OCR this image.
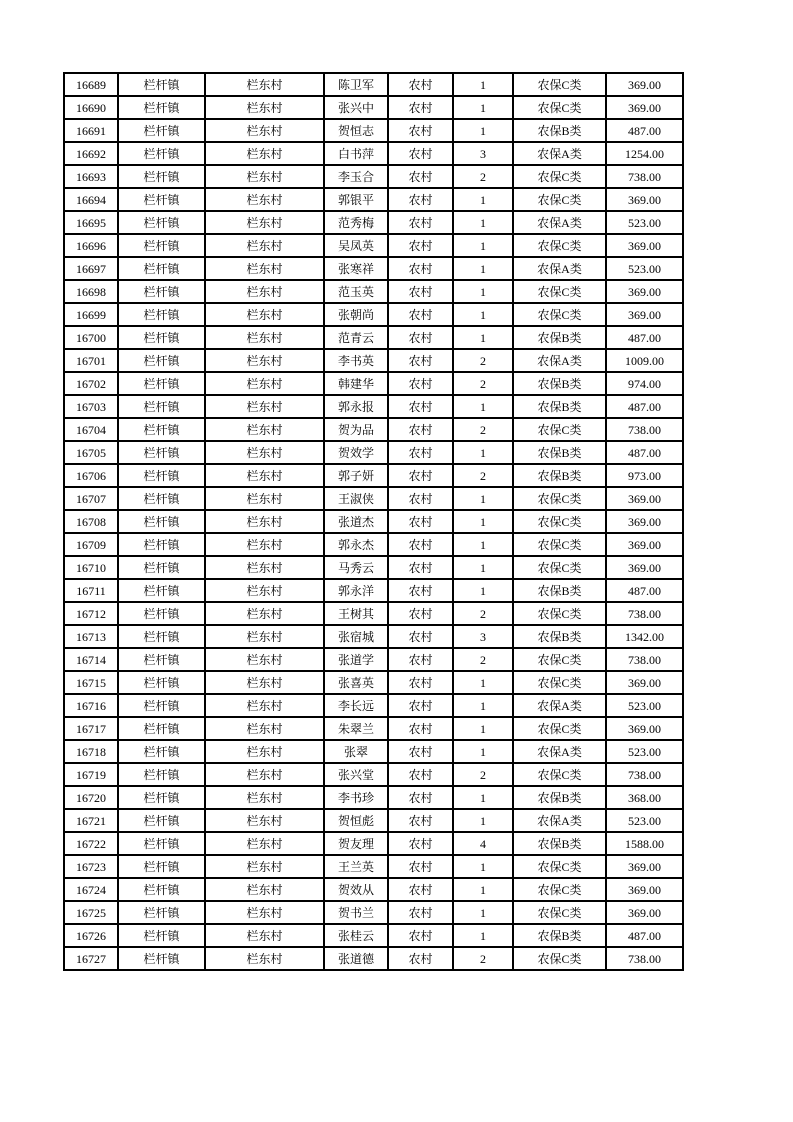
16689	栏杆镇	栏东村	陈卫军	农村	1	农保C类	369.00
16690	栏杆镇	栏东村	张兴中	农村	1	农保C类	369.00
16691	栏杆镇	栏东村	贺恒志	农村	1	农保B类	487.00
16692	栏杆镇	栏东村	白书萍	农村	3	农保A类	1254.00
16693	栏杆镇	栏东村	李玉合	农村	2	农保C类	738.00
16694	栏杆镇	栏东村	郭银平	农村	1	农保C类	369.00
16695	栏杆镇	栏东村	范秀梅	农村	1	农保A类	523.00
16696	栏杆镇	栏东村	吴凤英	农村	1	农保C类	369.00
16697	栏杆镇	栏东村	张寒祥	农村	1	农保A类	523.00
16698	栏杆镇	栏东村	范玉英	农村	1	农保C类	369.00
16699	栏杆镇	栏东村	张朝尚	农村	1	农保C类	369.00
16700	栏杆镇	栏东村	范青云	农村	1	农保B类	487.00
16701	栏杆镇	栏东村	李书英	农村	2	农保A类	1009.00
16702	栏杆镇	栏东村	韩建华	农村	2	农保B类	974.00
16703	栏杆镇	栏东村	郭永报	农村	1	农保B类	487.00
16704	栏杆镇	栏东村	贺为品	农村	2	农保C类	738.00
16705	栏杆镇	栏东村	贺效学	农村	1	农保B类	487.00
16706	栏杆镇	栏东村	郭子妍	农村	2	农保B类	973.00
16707	栏杆镇	栏东村	王淑侠	农村	1	农保C类	369.00
16708	栏杆镇	栏东村	张道杰	农村	1	农保C类	369.00
16709	栏杆镇	栏东村	郭永杰	农村	1	农保C类	369.00
16710	栏杆镇	栏东村	马秀云	农村	1	农保C类	369.00
16711	栏杆镇	栏东村	郭永洋	农村	1	农保B类	487.00
16712	栏杆镇	栏东村	王树其	农村	2	农保C类	738.00
16713	栏杆镇	栏东村	张宿城	农村	3	农保B类	1342.00
16714	栏杆镇	栏东村	张道学	农村	2	农保C类	738.00
16715	栏杆镇	栏东村	张喜英	农村	1	农保C类	369.00
16716	栏杆镇	栏东村	李长远	农村	1	农保A类	523.00
16717	栏杆镇	栏东村	朱翠兰	农村	1	农保C类	369.00
16718	栏杆镇	栏东村	张翠	农村	1	农保A类	523.00
16719	栏杆镇	栏东村	张兴堂	农村	2	农保C类	738.00
16720	栏杆镇	栏东村	李书珍	农村	1	农保B类	368.00
16721	栏杆镇	栏东村	贺恒彪	农村	1	农保A类	523.00
16722	栏杆镇	栏东村	贺友理	农村	4	农保B类	1588.00
16723	栏杆镇	栏东村	王兰英	农村	1	农保C类	369.00
16724	栏杆镇	栏东村	贺效从	农村	1	农保C类	369.00
16725	栏杆镇	栏东村	贺书兰	农村	1	农保C类	369.00
16726	栏杆镇	栏东村	张桂云	农村	1	农保B类	487.00
16727	栏杆镇	栏东村	张道德	农村	2	农保C类	738.00
